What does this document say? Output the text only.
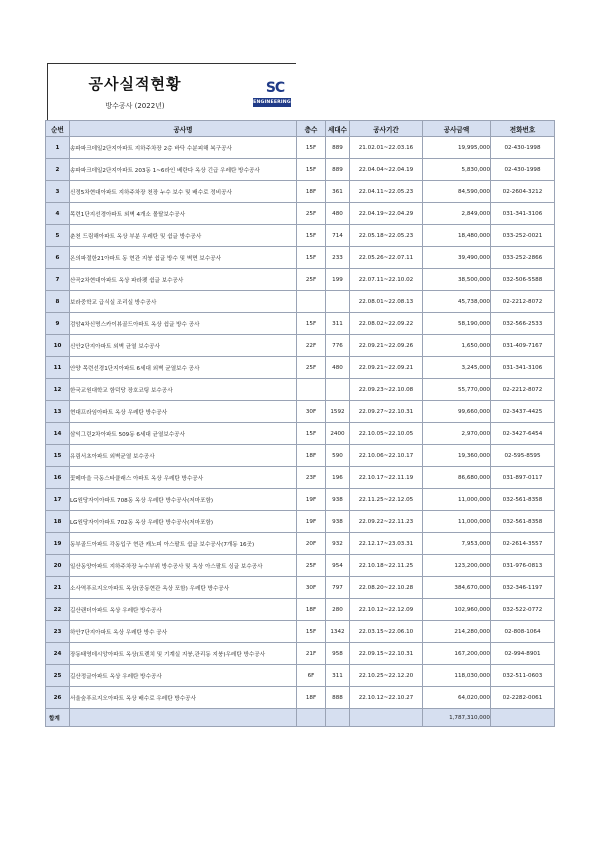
공사실적현황
방수공사 (2022년)
SC
ENGINEERING
순번	공사명	층수	세대수	공사기간	공사금액	전화번호
1	송파파크데일2단지아파트 지하주차장 2층 바닥 수분피해 복구공사	15F	889	21.02.01~22.03.16	19,995,000	02-430-1998
2	송파파크데일2단지아파트 203동 1~6라인 베란다 옥상 긴급 우레탄 방수공사	15F	889	22.04.04~22.04.19	5,830,000	02-430-1998
3	신정5차현대아파트 지하주차장 천장 누수 보수 및 배수로 정비공사	18F	361	22.04.11~22.05.23	84,590,000	02-2604-3212
4	목련1단지선경아파트 외벽 4개소 몰탈보수공사	25F	480	22.04.19~22.04.29	2,849,000	031-341-3106
5	춘천 드림해아파트 옥상 부분 우레탄 및 쉼글 방수공사	15F	714	22.05.18~22.05.23	18,480,000	033-252-0021
6	온의파절한21아파트 동 현관 지붕 쉼글 방수 및 벽면 보수공사	15F	233	22.05.26~22.07.11	39,490,000	033-252-2866
7	산곡2차현대아파트 옥상 파라펫 쉼글 보수공사	25F	199	22.07.11~22.10.02	38,500,000	032-506-5588
8	보라중학교 급식실 조리실 방수공사			22.08.01~22.08.13	45,738,000	02-2212-8072
9	검암4차신명스카이뷰골드아파트 옥상 쉼글 방수 공사	15F	311	22.08.02~22.09.22	58,190,000	032-566-2533
10	신안2단지아파트 외벽 균열 보수공사	22F	776	22.09.21~22.09.26	1,650,000	031-409-7167
11	안양 목련선경1단지아파트 6세대 외벽 균열보수 공사	25F	480	22.09.21~22.09.21	3,245,000	031-341-3106
12	한국교원대학교 함덕당 장호코팅 보수공사			22.09.23~22.10.08	55,770,000	02-2212-8072
13	현대프라임아파트 옥상 우레탄 방수공사	30F	1592	22.09.27~22.10.31	99,660,000	02-3437-4425
14	삼익그린2차아파트 509동 6세대 균열보수공사	15F	2400	22.10.05~22.10.05	2,970,000	02-3427-6454
15	유림서초아파트 외벽균열 보수공사	18F	590	22.10.06~22.10.17	19,360,000	02-595-8595
16	꽃메마을 극동스타클래스 아파트 옥상 우레탄 방수공사	23F	196	22.10.17~22.11.19	86,680,000	031-897-0117
17	LG원당자이아파트 708동 옥상 우레탄 방수공사(저마포함)	19F	938	22.11.25~22.12.05	11,000,000	032-561-8358
18	LG원당자이아파트 702동 옥상 우레탄 방수공사(저마포함)	19F	938	22.09.22~22.11.23	11,000,000	032-561-8358
19	동부골드아파트 각동입구 현관 캐노피 아스팔트 쉼글 보수공사(7개동 16곳)	20F	932	22.12.17~23.03.31	7,953,000	02-2614-3557
20	일산동양아파트 지하주차장 누수부위 방수공사 및 옥상 아스팔트 싱글 보수공사	25F	954	22.10.18~22.11.25	123,200,000	031-976-0813
21	소사역푸르지오아파트 옥상(공동현관 옥상 포함) 우레탄 방수공사	30F	797	22.08.20~22.10.28	384,670,000	032-346-1197
22	길산랜더아파트 옥상 우레탄 방수공사	18F	280	22.10.12~22.12.09	102,960,000	032-522-0772
23	하안7단지아파트 옥상 우레탄 방수 공사	15F	1342	22.03.15~22.06.10	214,280,000	02-808-1064
24	장동태영데시앙아파트 옥상(트렌치 및 기계실 지붕,관리동 지붕)우레탄 방수공사	21F	958	22.09.15~22.10.31	167,200,000	02-994-8901
25	길산정글아파트 옥상 우레탄 방수공사	6F	311	22.10.25~22.12.20	118,030,000	032-511-0603
26	서울숲푸르지오아파트 옥상 배수로 우레탄 방수공사	18F	888	22.10.12~22.10.27	64,020,000	02-2282-0061
합계					1,787,310,000	
